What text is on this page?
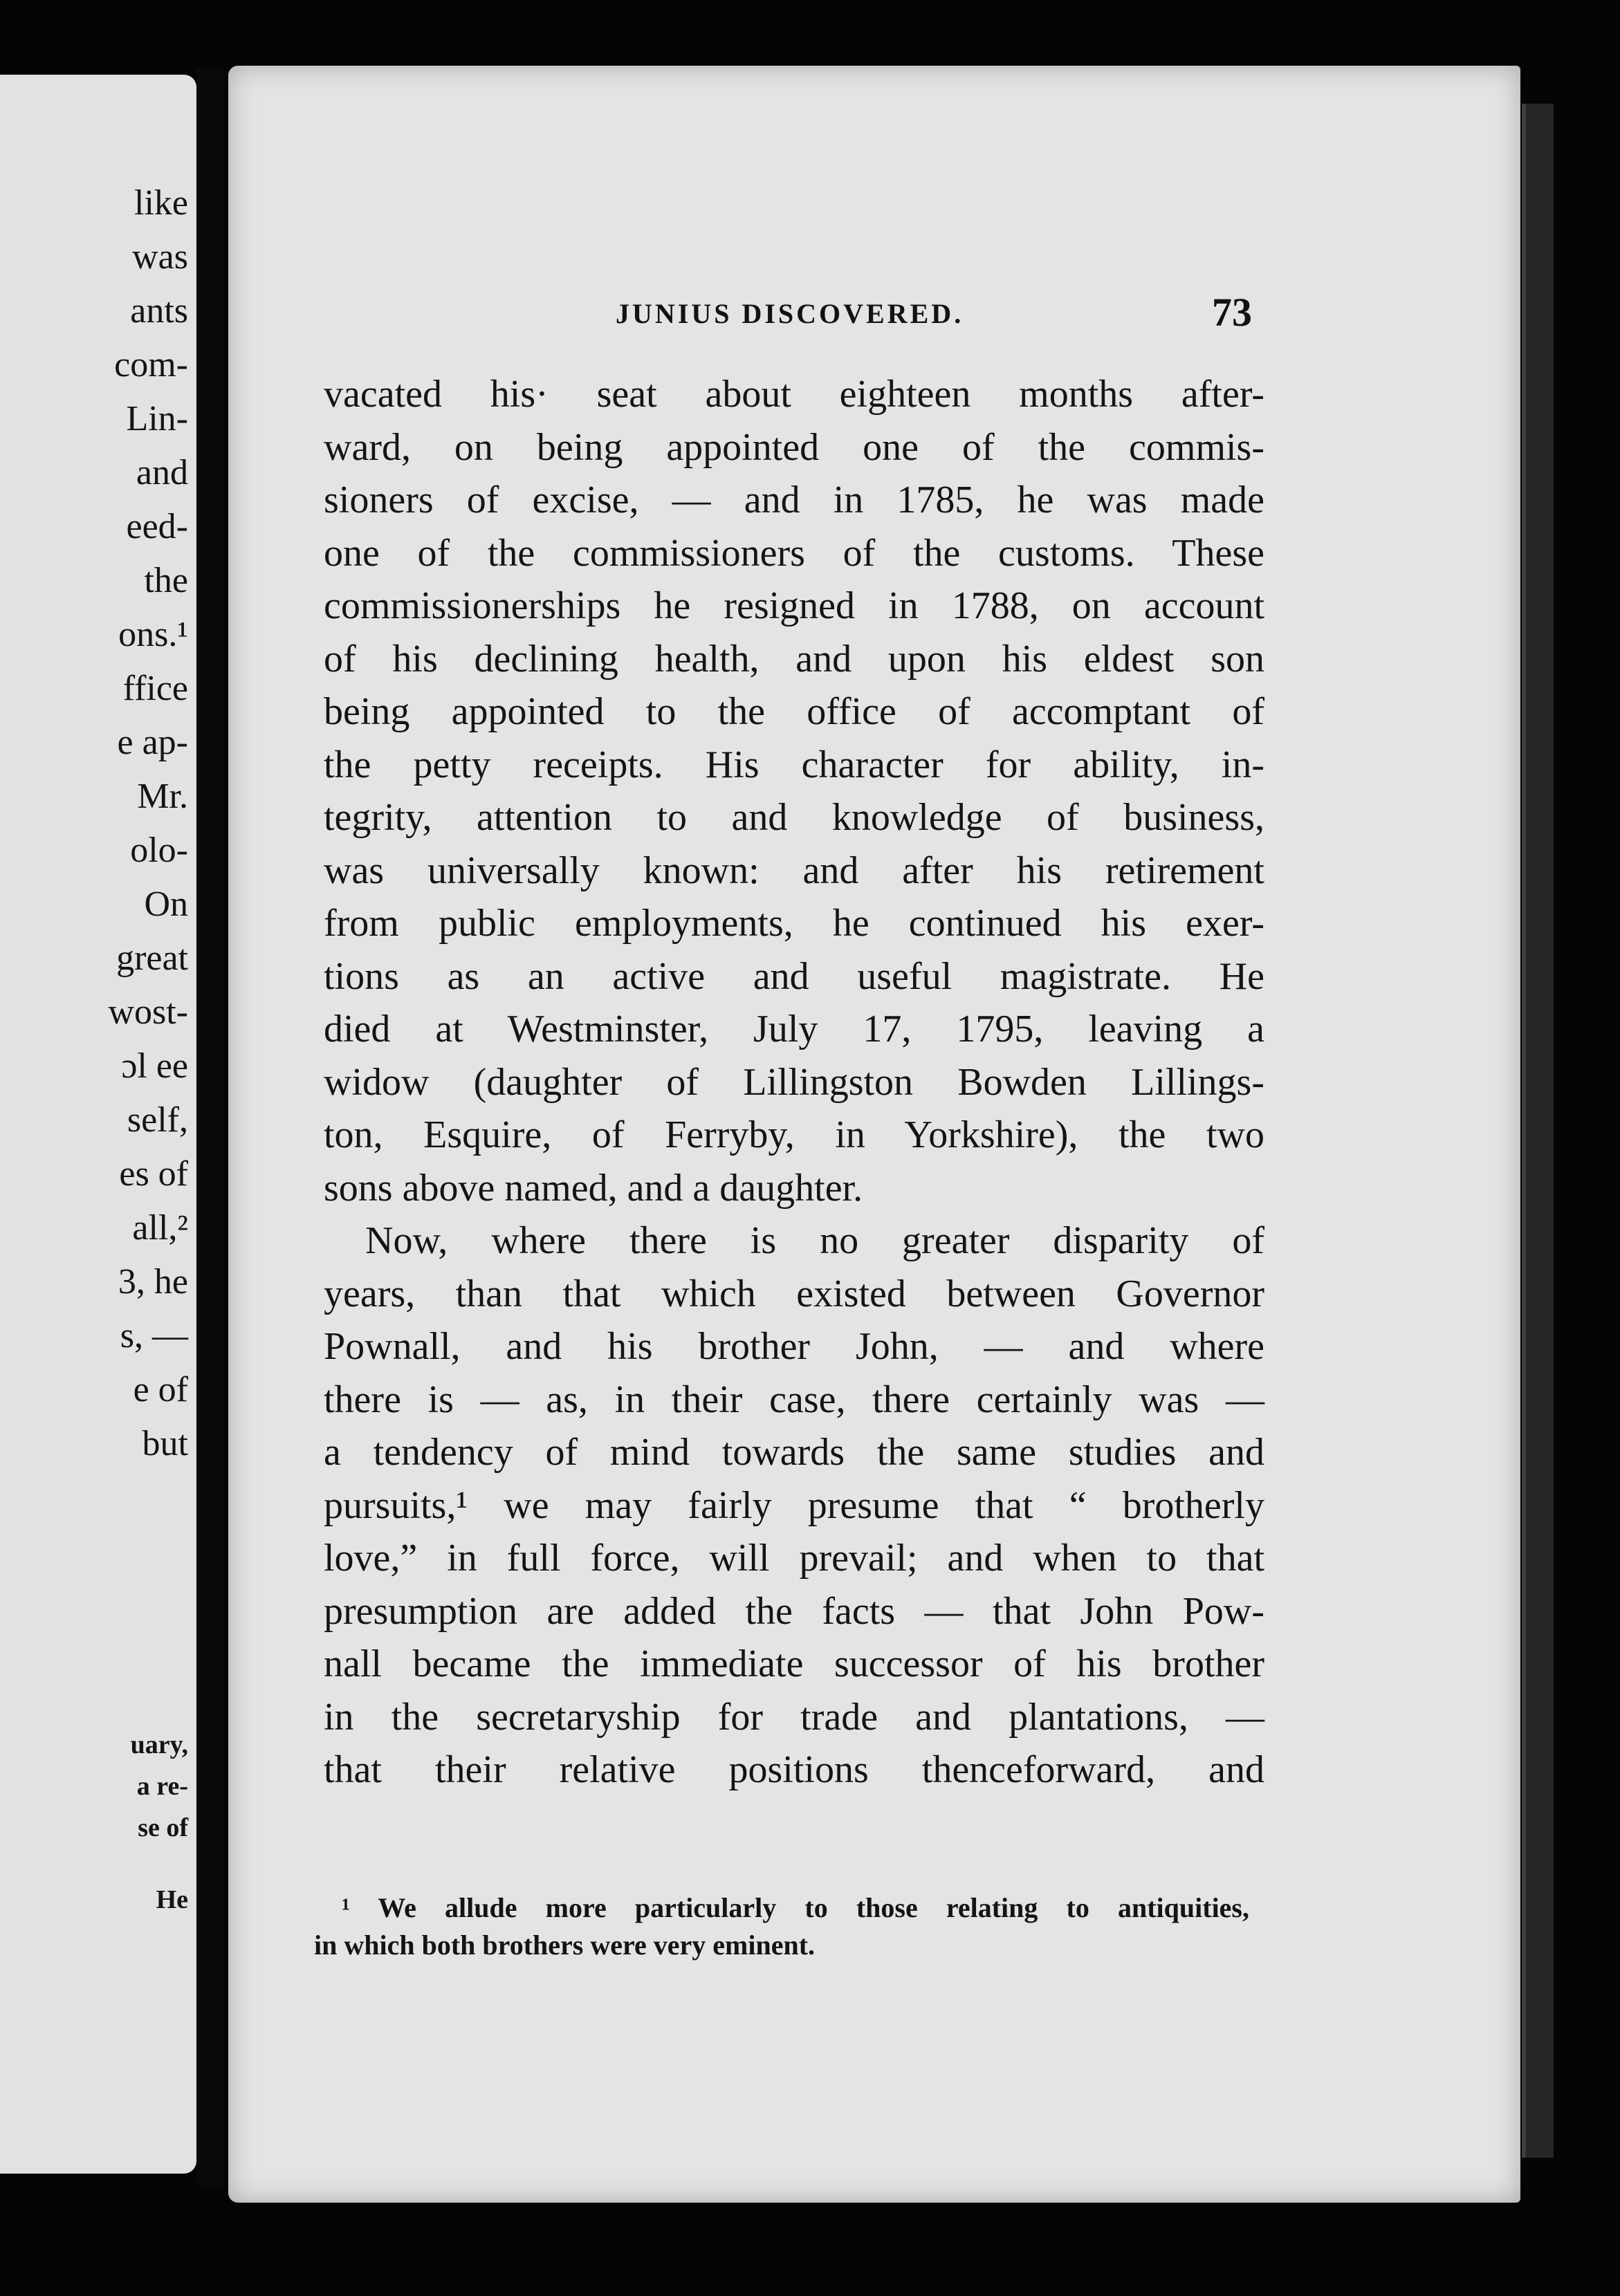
like
was
ants
com-
Lin-
and
eed-
the
ons.¹
ffice
e ap-
Mr.
olo-
On
great
wost-
ɔl ee
self,
es of
all,²
3, he
s, —
e of
but
uary,
a re-
se of
He
JUNIUS DISCOVERED.	73
vacated his· seat about eighteen months after-
ward, on being appointed one of the commis-
sioners of excise, — and in 1785, he was made
one of the commissioners of the customs. These
commissionerships he resigned in 1788, on account
of his declining health, and upon his eldest son
being appointed to the office of accomptant of
the petty receipts. His character for ability, in-
tegrity, attention to and knowledge of business,
was universally known: and after his retirement
from public employments, he continued his exer-
tions as an active and useful magistrate. He
died at Westminster, July 17, 1795, leaving a
widow (daughter of Lillingston Bowden Lillings-
ton, Esquire, of Ferryby, in Yorkshire), the two
sons above named, and a daughter.
Now, where there is no greater disparity of
years, than that which existed between Governor
Pownall, and his brother John, — and where
there is — as, in their case, there certainly was —
a tendency of mind towards the same studies and
pursuits,¹ we may fairly presume that “ brotherly
love,” in full force, will prevail; and when to that
presumption are added the facts — that John Pow-
nall became the immediate successor of his brother
in the secretaryship for trade and plantations, —
that their relative positions thenceforward, and
¹ We allude more particularly to those relating to antiquities,
in which both brothers were very eminent.
